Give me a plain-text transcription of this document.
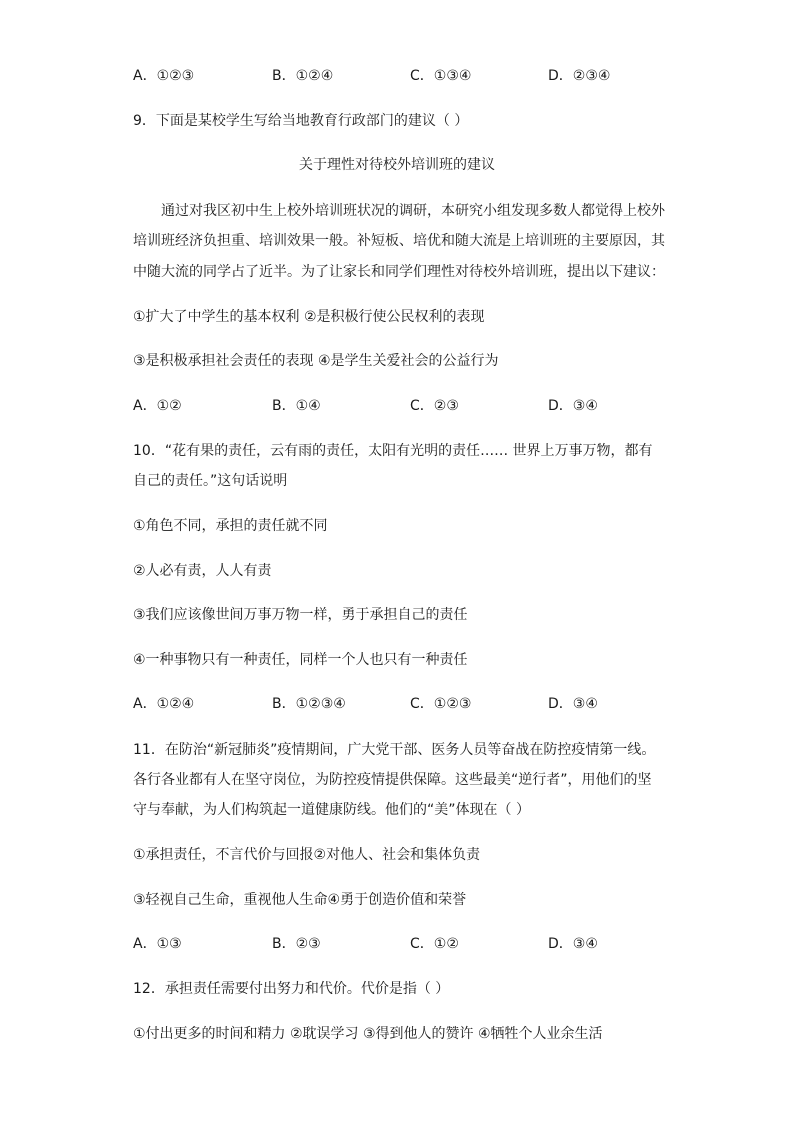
A．①②③	B．①②④	C．①③④	D．②③④
9．下面是某校学生写给当地教育行政部门的建议（ ）
关于理性对待校外培训班的建议
通过对我区初中生上校外培训班状况的调研，本研究小组发现多数人都觉得上校外
培训班经济负担重、培训效果一般。补短板、培优和随大流是上培训班的主要原因，其
中随大流的同学占了近半。为了让家长和同学们理性对待校外培训班，提出以下建议：
①扩大了中学生的基本权利 ②是积极行使公民权利的表现
③是积极承担社会责任的表现 ④是学生关爱社会的公益行为
A．①②	B．①④	C．②③	D．③④
10．“花有果的责任，云有雨的责任，太阳有光明的责任…… 世界上万事万物，都有
自己的责任。”这句话说明
①角色不同，承担的责任就不同
②人必有责，人人有责
③我们应该像世间万事万物一样，勇于承担自己的责任
④一种事物只有一种责任，同样一个人也只有一种责任
A．①②④	B．①②③④	C．①②③	D．③④
11．在防治“新冠肺炎”疫情期间，广大党干部、医务人员等奋战在防控疫情第一线。
各行各业都有人在坚守岗位，为防控疫情提供保障。这些最美“逆行者”，用他们的坚
守与奉献，为人们构筑起一道健康防线。他们的“美”体现在（ ）
①承担责任，不言代价与回报②对他人、社会和集体负责
③轻视自己生命，重视他人生命④勇于创造价值和荣誉
A．①③	B．②③	C．①②	D．③④
12．承担责任需要付出努力和代价。代价是指（ ）
①付出更多的时间和精力 ②耽误学习 ③得到他人的赞许 ④牺牲个人业余生活
